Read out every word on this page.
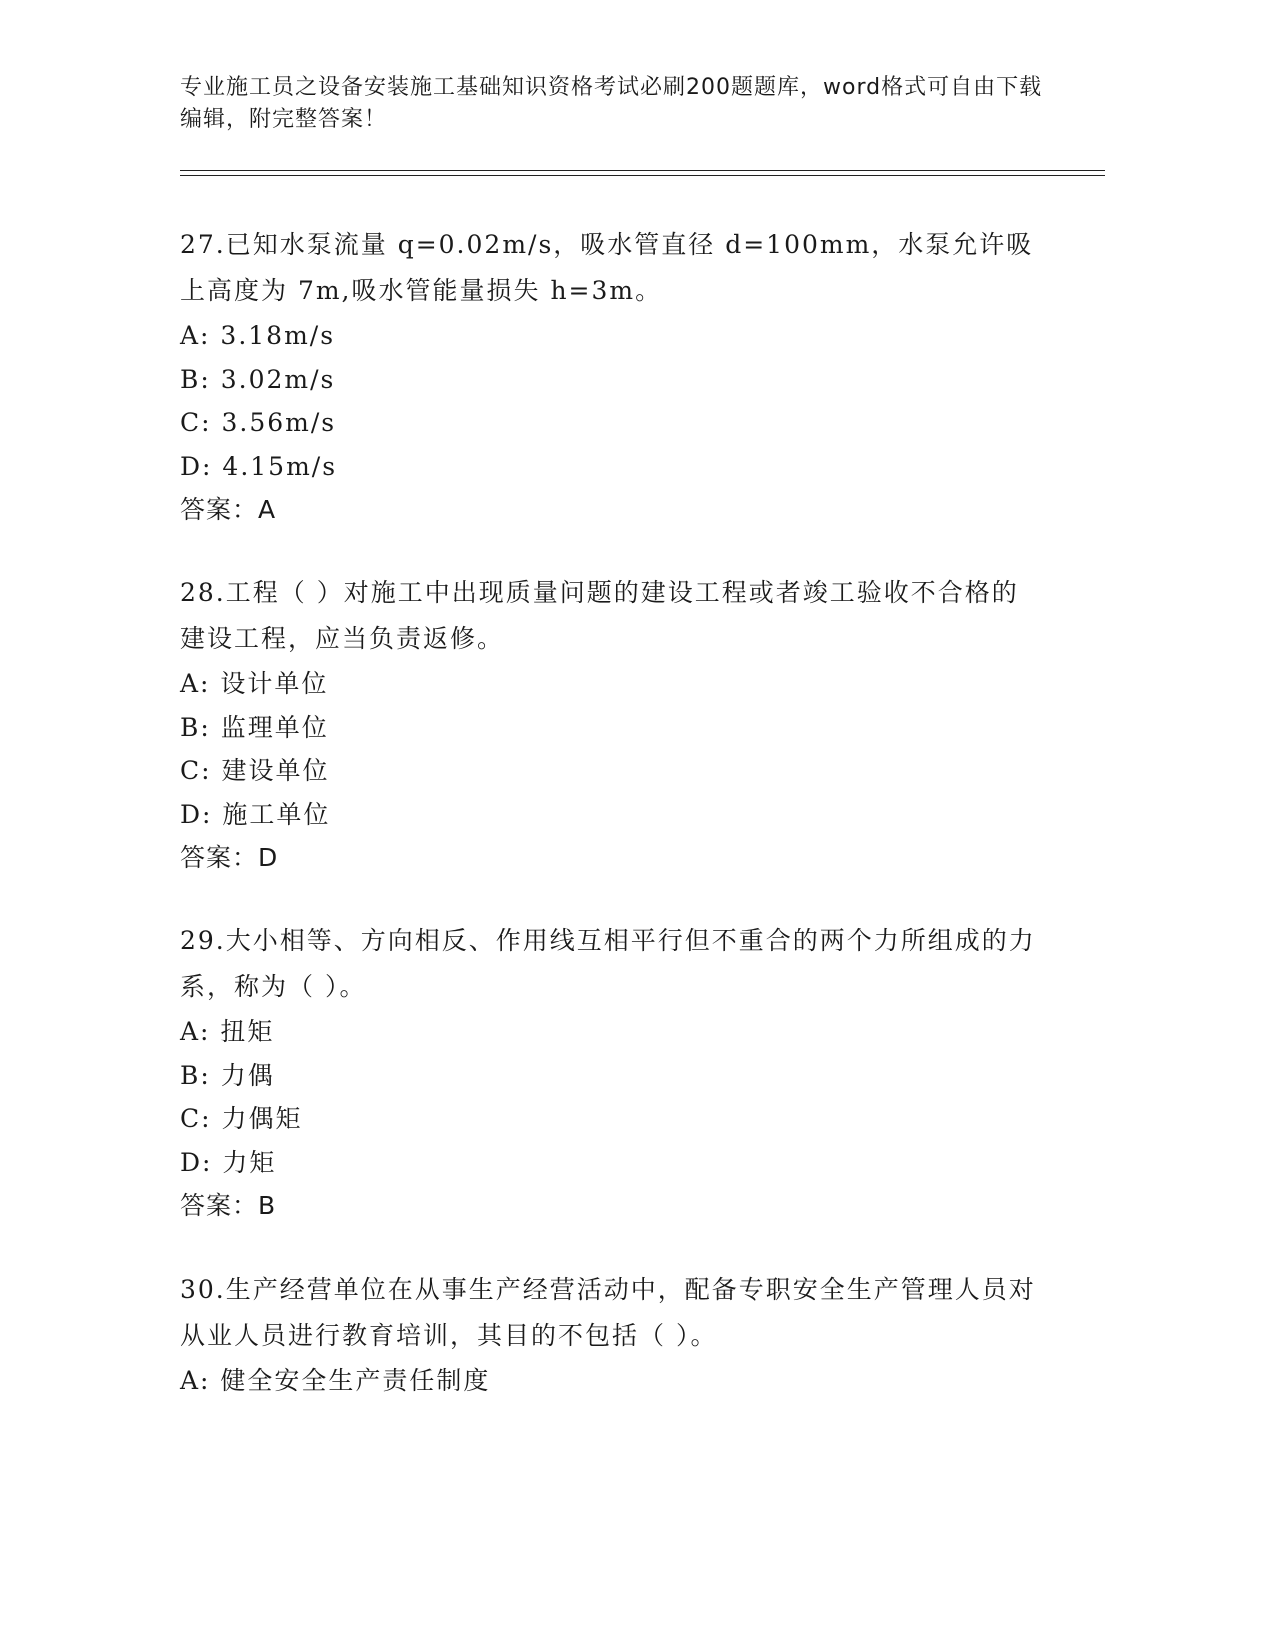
专业施工员之设备安装施工基础知识资格考试必刷200题题库，word格式可自由下载编辑，附完整答案！
27.已知水泵流量 q=0.02m/s，吸水管直径 d=100mm，水泵允许吸上高度为 7m,吸水管能量损失 h=3m。
A: 3.18m/s
B: 3.02m/s
C: 3.56m/s
D: 4.15m/s
答案：A
28.工程（ ）对施工中出现质量问题的建设工程或者竣工验收不合格的建设工程，应当负责返修。
A: 设计单位
B: 监理单位
C: 建设单位
D: 施工单位
答案：D
29.大小相等、方向相反、作用线互相平行但不重合的两个力所组成的力系，称为（ ）。
A: 扭矩
B: 力偶
C: 力偶矩
D: 力矩
答案：B
30.生产经营单位在从事生产经营活动中，配备专职安全生产管理人员对从业人员进行教育培训，其目的不包括（ ）。
A: 健全安全生产责任制度
